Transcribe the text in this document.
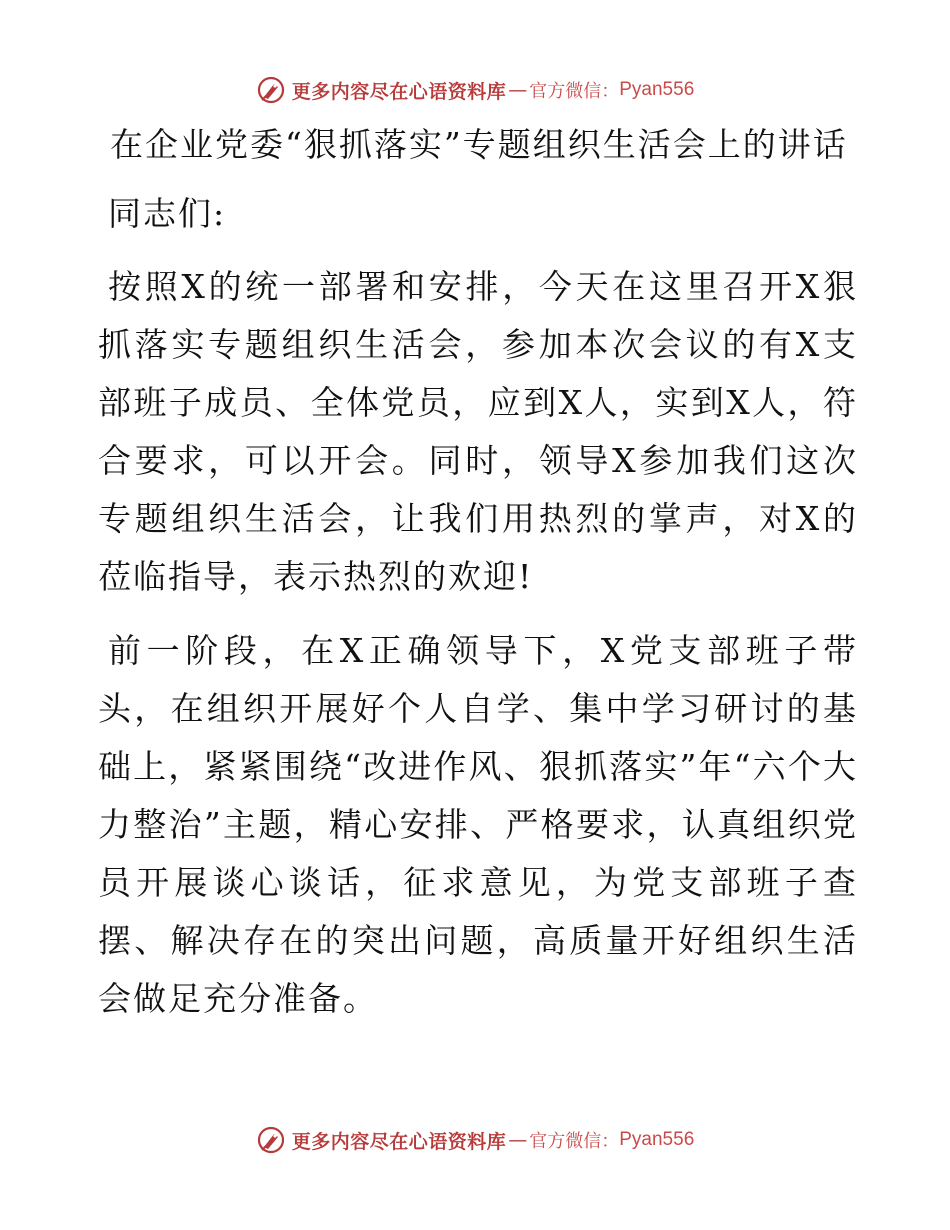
更多内容尽在心语资料库 — 官方微信： Pyan556
在企业党委“狠抓落实”专题组织生活会上的讲话

同志们:

按照X的统一部署和安排，今天在这里召开X狠抓落实专题组织生活会，参加本次会议的有X支部班子成员、全体党员，应到X人，实到X人，符合要求，可以开会。同时，领导X参加我们这次专题组织生活会，让我们用热烈的掌声，对X的莅临指导，表示热烈的欢迎!

前一阶段，在X正确领导下，X党支部班子带头，在组织开展好个人自学、集中学习研讨的基础上，紧紧围绕“改进作风、狠抓落实”年“六个大力整治”主题，精心安排、严格要求，认真组织党员开展谈心谈话，征求意见，为党支部班子查摆、解决存在的突出问题，高质量开好组织生活会做足充分准备。

更多内容尽在心语资料库 — 官方微信： Pyan556
